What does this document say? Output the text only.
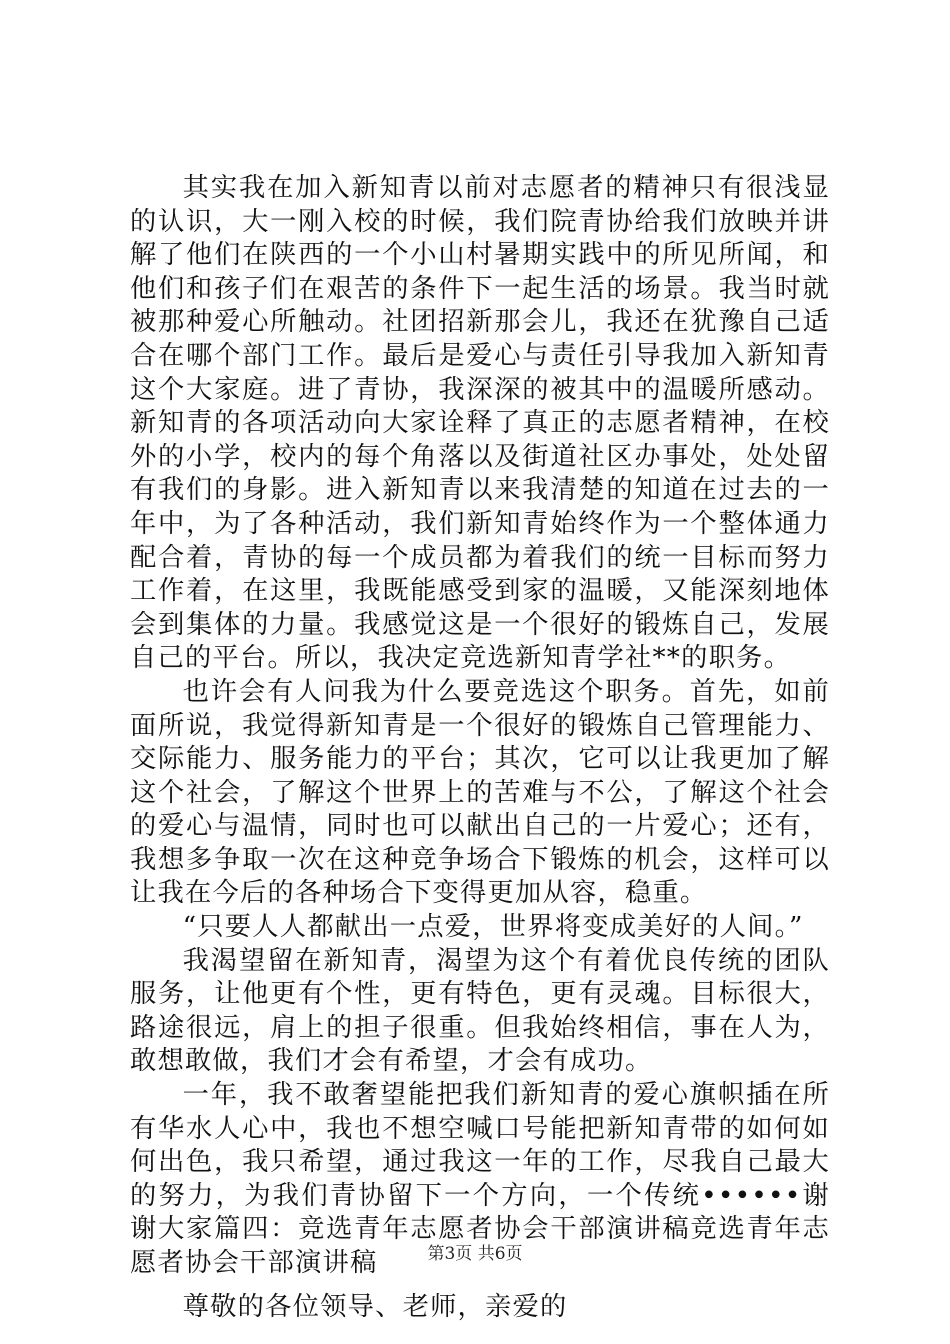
其实我在加入新知青以前对志愿者的精神只有很浅显的认识，大一刚入校的时候，我们院青协给我们放映并讲解了他们在陕西的一个小山村暑期实践中的所见所闻，和他们和孩子们在艰苦的条件下一起生活的场景。我当时就被那种爱心所触动。社团招新那会儿，我还在犹豫自己适合在哪个部门工作。最后是爱心与责任引导我加入新知青这个大家庭。进了青协，我深深的被其中的温暖所感动。新知青的各项活动向大家诠释了真正的志愿者精神，在校外的小学，校内的每个角落以及街道社区办事处，处处留有我们的身影。进入新知青以来我清楚的知道在过去的一年中，为了各种活动，我们新知青始终作为一个整体通力配合着，青协的每一个成员都为着我们的统一目标而努力工作着，在这里，我既能感受到家的温暖，又能深刻地体会到集体的力量。我感觉这是一个很好的锻炼自己，发展自己的平台。所以，我决定竞选新知青学社**的职务。

也许会有人问我为什么要竞选这个职务。首先，如前面所说，我觉得新知青是一个很好的锻炼自己管理能力、交际能力、服务能力的平台；其次，它可以让我更加了解这个社会，了解这个世界上的苦难与不公，了解这个社会的爱心与温情，同时也可以献出自己的一片爱心；还有，我想多争取一次在这种竞争场合下锻炼的机会，这样可以让我在今后的各种场合下变得更加从容，稳重。

“只要人人都献出一点爱，世界将变成美好的人间。”

我渴望留在新知青，渴望为这个有着优良传统的团队服务，让他更有个性，更有特色，更有灵魂。目标很大，路途很远，肩上的担子很重。但我始终相信，事在人为，敢想敢做，我们才会有希望，才会有成功。

一年，我不敢奢望能把我们新知青的爱心旗帜插在所有华水人心中，我也不想空喊口号能把新知青带的如何如何出色，我只希望，通过我这一年的工作，尽我自己最大的努力，为我们青协留下一个方向，一个传统••••••谢谢大家篇四：竞选青年志愿者协会干部演讲稿竞选青年志愿者协会干部演讲稿

尊敬的各位领导、老师，亲爱的

第3页 共6页
